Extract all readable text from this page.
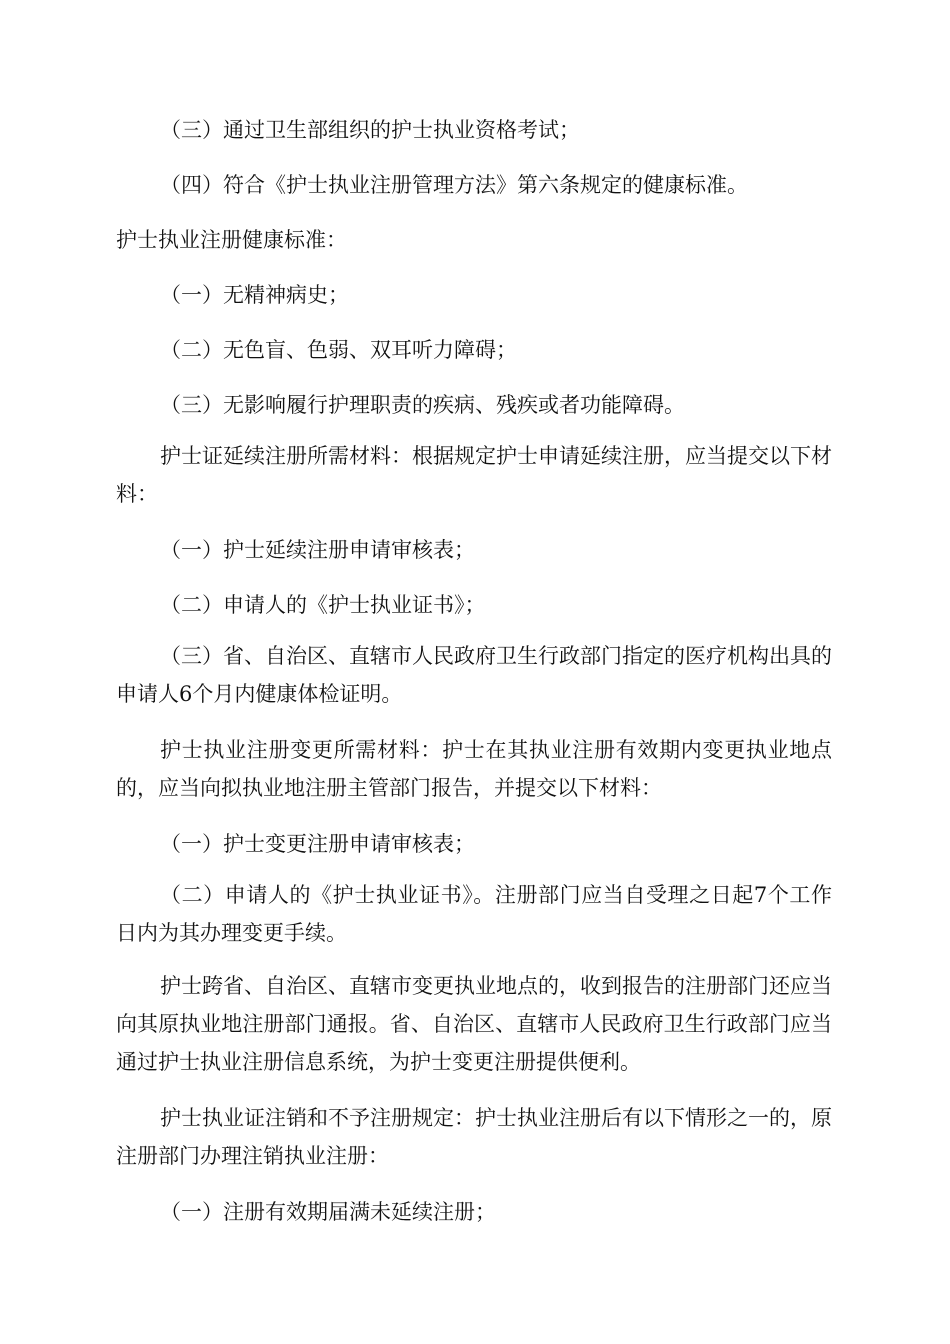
（三）通过卫生部组织的护士执业资格考试；

（四）符合《护士执业注册管理方法》第六条规定的健康标准。

护士执业注册健康标准：

（一）无精神病史；

（二）无色盲、色弱、双耳听力障碍；

（三）无影响履行护理职责的疾病、残疾或者功能障碍。

护士证延续注册所需材料：根据规定护士申请延续注册，应当提交以下材料：

（一）护士延续注册申请审核表；

（二）申请人的《护士执业证书》；

（三）省、自治区、直辖市人民政府卫生行政部门指定的医疗机构出具的申请人6个月内健康体检证明。

护士执业注册变更所需材料：护士在其执业注册有效期内变更执业地点的，应当向拟执业地注册主管部门报告，并提交以下材料：

（一）护士变更注册申请审核表；

（二）申请人的《护士执业证书》。注册部门应当自受理之日起7个工作日内为其办理变更手续。

护士跨省、自治区、直辖市变更执业地点的，收到报告的注册部门还应当向其原执业地注册部门通报。省、自治区、直辖市人民政府卫生行政部门应当通过护士执业注册信息系统，为护士变更注册提供便利。

护士执业证注销和不予注册规定：护士执业注册后有以下情形之一的，原注册部门办理注销执业注册：

（一）注册有效期届满未延续注册；
